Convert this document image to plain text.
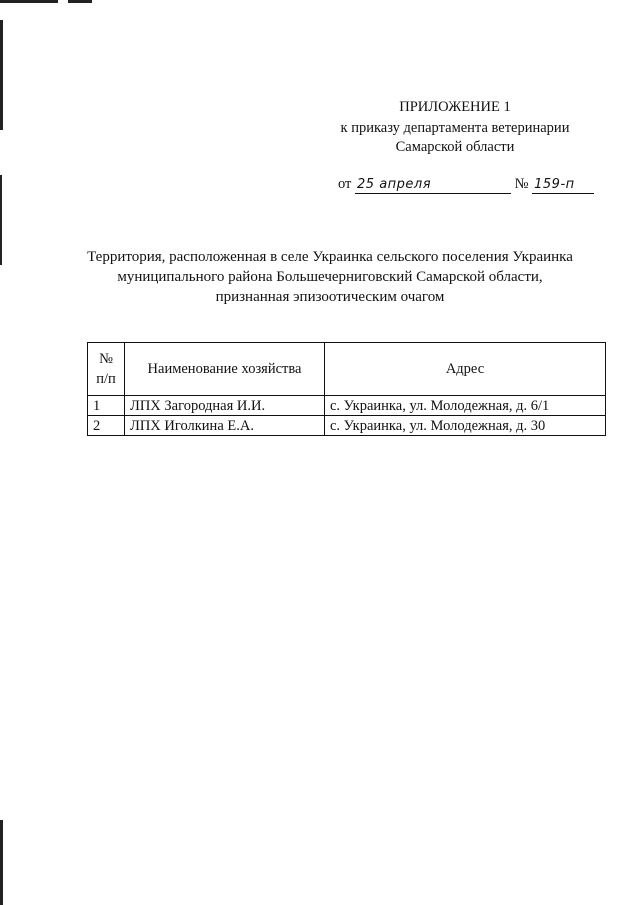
ПРИЛОЖЕНИЕ 1
к приказу департамента ветеринарии
Самарской области
от 25 апреля	№ 159-п
Территория, расположенная в селе Украинка сельского поселения Украинка
муниципального района Большечерниговский Самарской области,
признанная эпизоотическим очагом
№
п/п	Наименование хозяйства	Адрес
1	ЛПХ Загородная И.И.	с. Украинка, ул. Молодежная, д. 6/1
2	ЛПХ Иголкина Е.А.	с. Украинка, ул. Молодежная, д. 30
